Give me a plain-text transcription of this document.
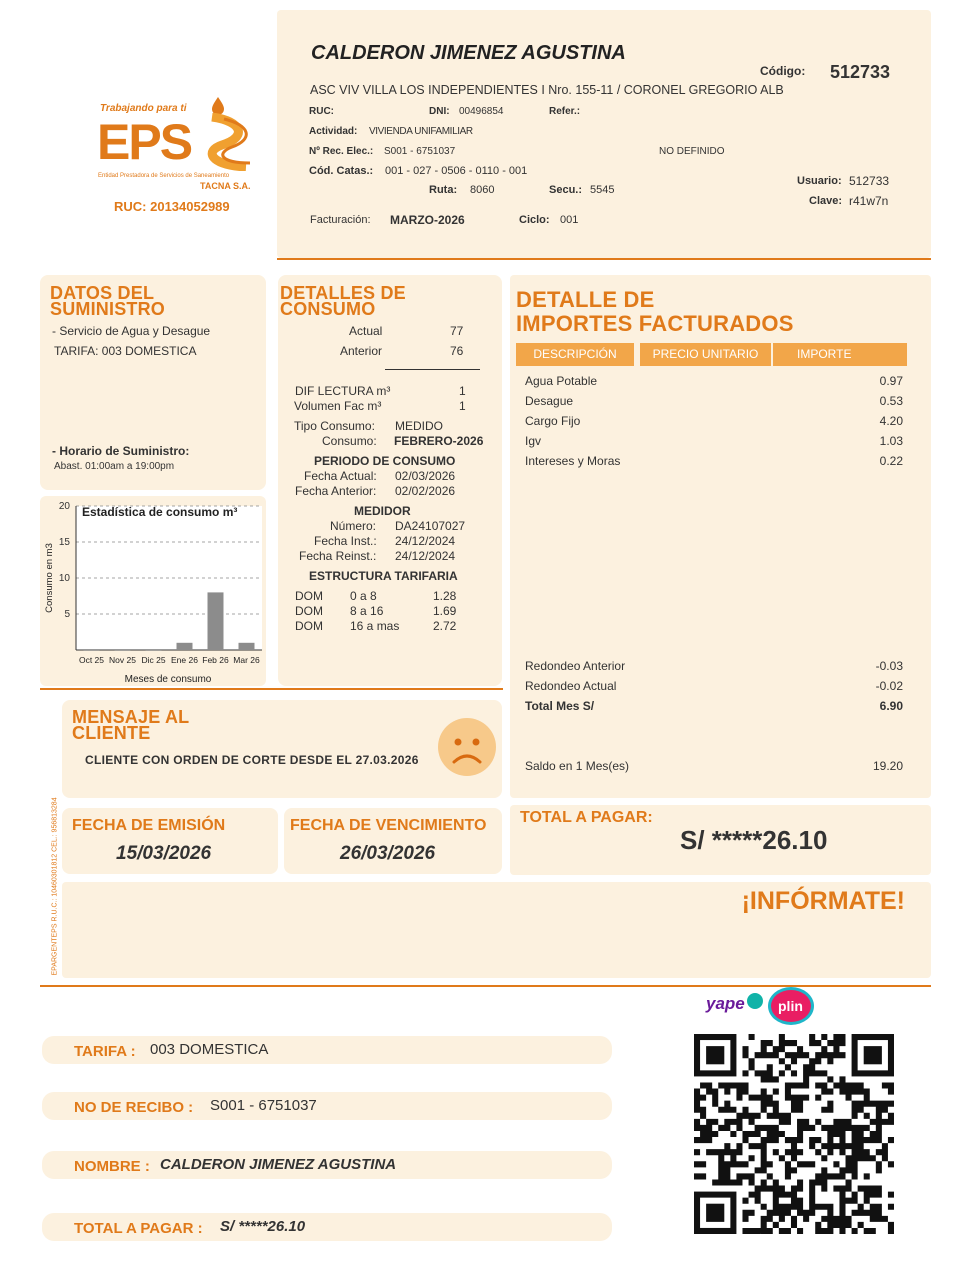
Trabajando para ti
EPS
Entidad Prestadora de Servicios de Saneamiento
TACNA S.A.
RUC: 20134052989
CALDERON JIMENEZ AGUSTINA
Código: 512733
ASC VIV VILLA LOS INDEPENDIENTES I Nro. 155-11 / CORONEL GREGORIO ALB
RUC:	DNI: 00496854	Refer.:
Actividad: VIVIENDA UNIFAMILIAR
Nº Rec. Elec.: S001 - 6751037	NO DEFINIDO
Cód. Catas.: 001 - 027 - 0506 - 0110 - 001
Ruta: 8060	Secu.: 5545
Usuario: 512733
Clave: r41w7n
Facturación: MARZO-2026	Ciclo: 001
DATOS DEL
SUMINISTRO
- Servicio de Agua y Desague
TARIFA: 003 DOMESTICA
- Horario de Suministro:
Abast. 01:00am a 19:00pm
20
15
10
5
Oct 25 Nov 25 Dic 25 Ene 26 Feb 26 Mar 26
Estadística de consumo m³
Meses de consumo
Consumo en m3
DETALLES DE
CONSUMO
Actual	77
Anterior	76
DIF LECTURA m³	1
Volumen Fac m³	1
Tipo Consumo: MEDIDO
Consumo: FEBRERO-2026
PERIODO DE CONSUMO
Fecha Actual: 02/03/2026
Fecha Anterior: 02/02/2026
MEDIDOR
Número: DA24107027
Fecha Inst.: 24/12/2024
Fecha Reinst.: 24/12/2024
ESTRUCTURA TARIFARIA
DOM 0 a 8	1.28
DOM 8 a 16	1.69
DOM 16 a mas	2.72
DETALLE DE
IMPORTES FACTURADOS
DESCRIPCIÓN	PRECIO UNITARIO	IMPORTE
Agua Potable	0.97
Desague	0.53
Cargo Fijo	4.20
Igv	1.03
Intereses y Moras	0.22
Redondeo Anterior	-0.03
Redondeo Actual	-0.02
Total Mes S/	6.90
Saldo en 1 Mes(es)	19.20
MENSAJE AL
CLIENTE
CLIENTE CON ORDEN DE CORTE DESDE EL 27.03.2026
FECHA DE EMISIÓN
15/03/2026
FECHA DE VENCIMIENTO
26/03/2026
TOTAL A PAGAR:
S/ *****26.10
¡INFÓRMATE!
EPARGENTEPS R.U.C.: 10460301812 CEL.: 956813284
yape plin
TARIFA : 003 DOMESTICA
NO DE RECIBO : S001 - 6751037
NOMBRE : CALDERON JIMENEZ AGUSTINA
TOTAL A PAGAR : S/ *****26.10
